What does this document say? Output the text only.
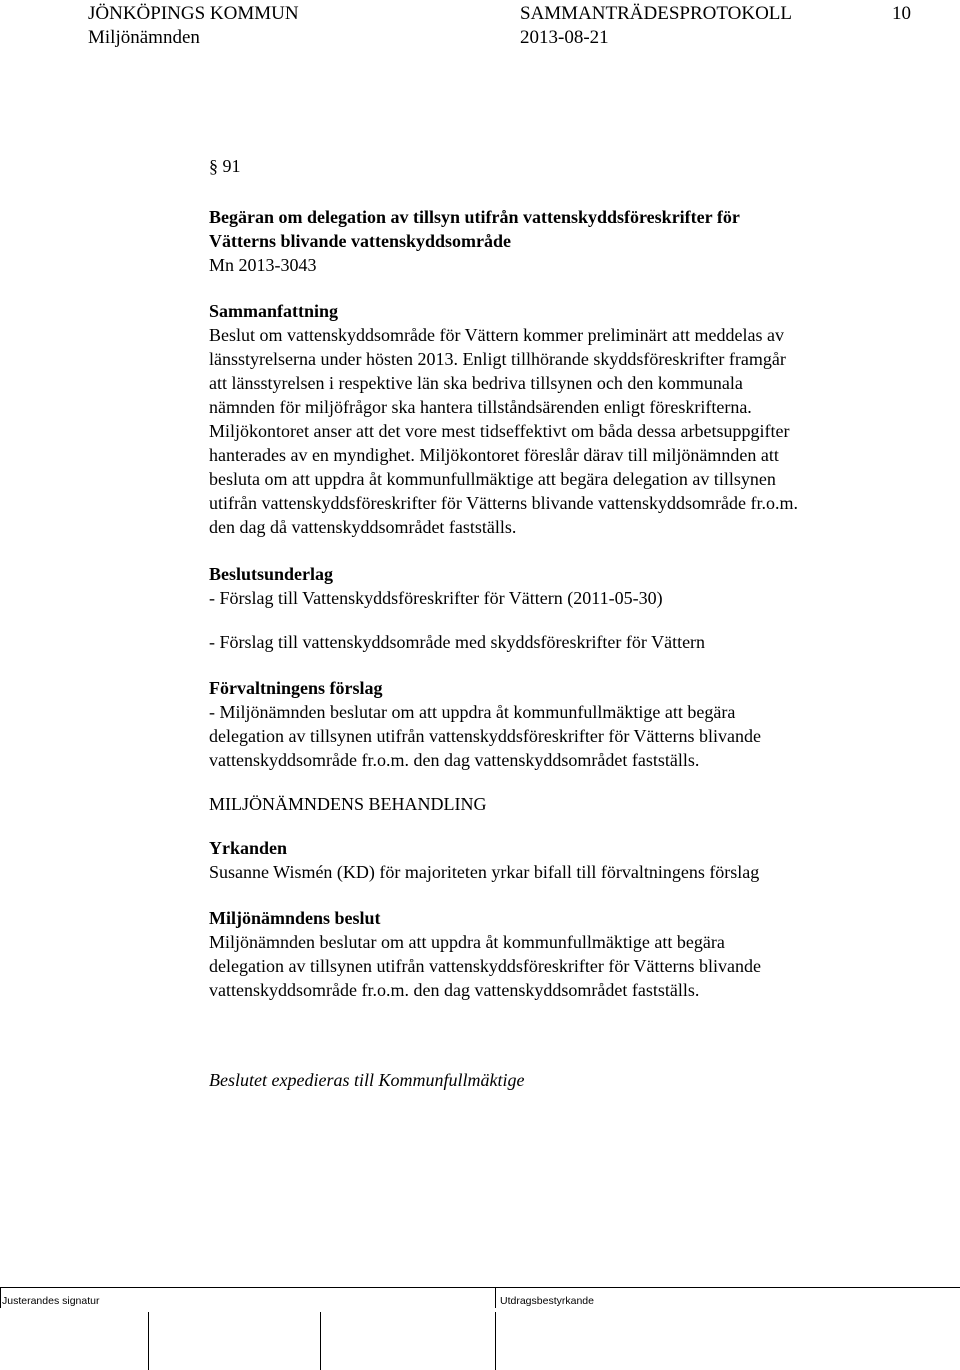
JÖNKÖPINGS KOMMUN	SAMMANTRÄDESPROTOKOLL	10
Miljönämnden	2013-08-21
§ 91
Begäran om delegation av tillsyn utifrån vattenskyddsföreskrifter för
Vätterns blivande vattenskyddsområde
Mn 2013-3043
Sammanfattning
Beslut om vattenskyddsområde för Vättern kommer preliminärt att meddelas av
länsstyrelserna under hösten 2013. Enligt tillhörande skyddsföreskrifter framgår
att länsstyrelsen i respektive län ska bedriva tillsynen och den kommunala
nämnden för miljöfrågor ska hantera tillståndsärenden enligt föreskrifterna.
Miljökontoret anser att det vore mest tidseffektivt om båda dessa arbetsuppgifter
hanterades av en myndighet. Miljökontoret föreslår därav till miljönämnden att
besluta om att uppdra åt kommunfullmäktige att begära delegation av tillsynen
utifrån vattenskyddsföreskrifter för Vätterns blivande vattenskyddsområde fr.o.m.
den dag då vattenskyddsområdet fastställs.
Beslutsunderlag
- Förslag till Vattenskyddsföreskrifter för Vättern (2011-05-30)
- Förslag till vattenskyddsområde med skyddsföreskrifter för Vättern
Förvaltningens förslag
- Miljönämnden beslutar om att uppdra åt kommunfullmäktige att begära
delegation av tillsynen utifrån vattenskyddsföreskrifter för Vätterns blivande
vattenskyddsområde fr.o.m. den dag vattenskyddsområdet fastställs.
MILJÖNÄMNDENS BEHANDLING
Yrkanden
Susanne Wismén (KD) för majoriteten yrkar bifall till förvaltningens förslag
Miljönämndens beslut
Miljönämnden beslutar om att uppdra åt kommunfullmäktige att begära
delegation av tillsynen utifrån vattenskyddsföreskrifter för Vätterns blivande
vattenskyddsområde fr.o.m. den dag vattenskyddsområdet fastställs.
Beslutet expedieras till Kommunfullmäktige
Justerandes signatur	Utdragsbestyrkande
